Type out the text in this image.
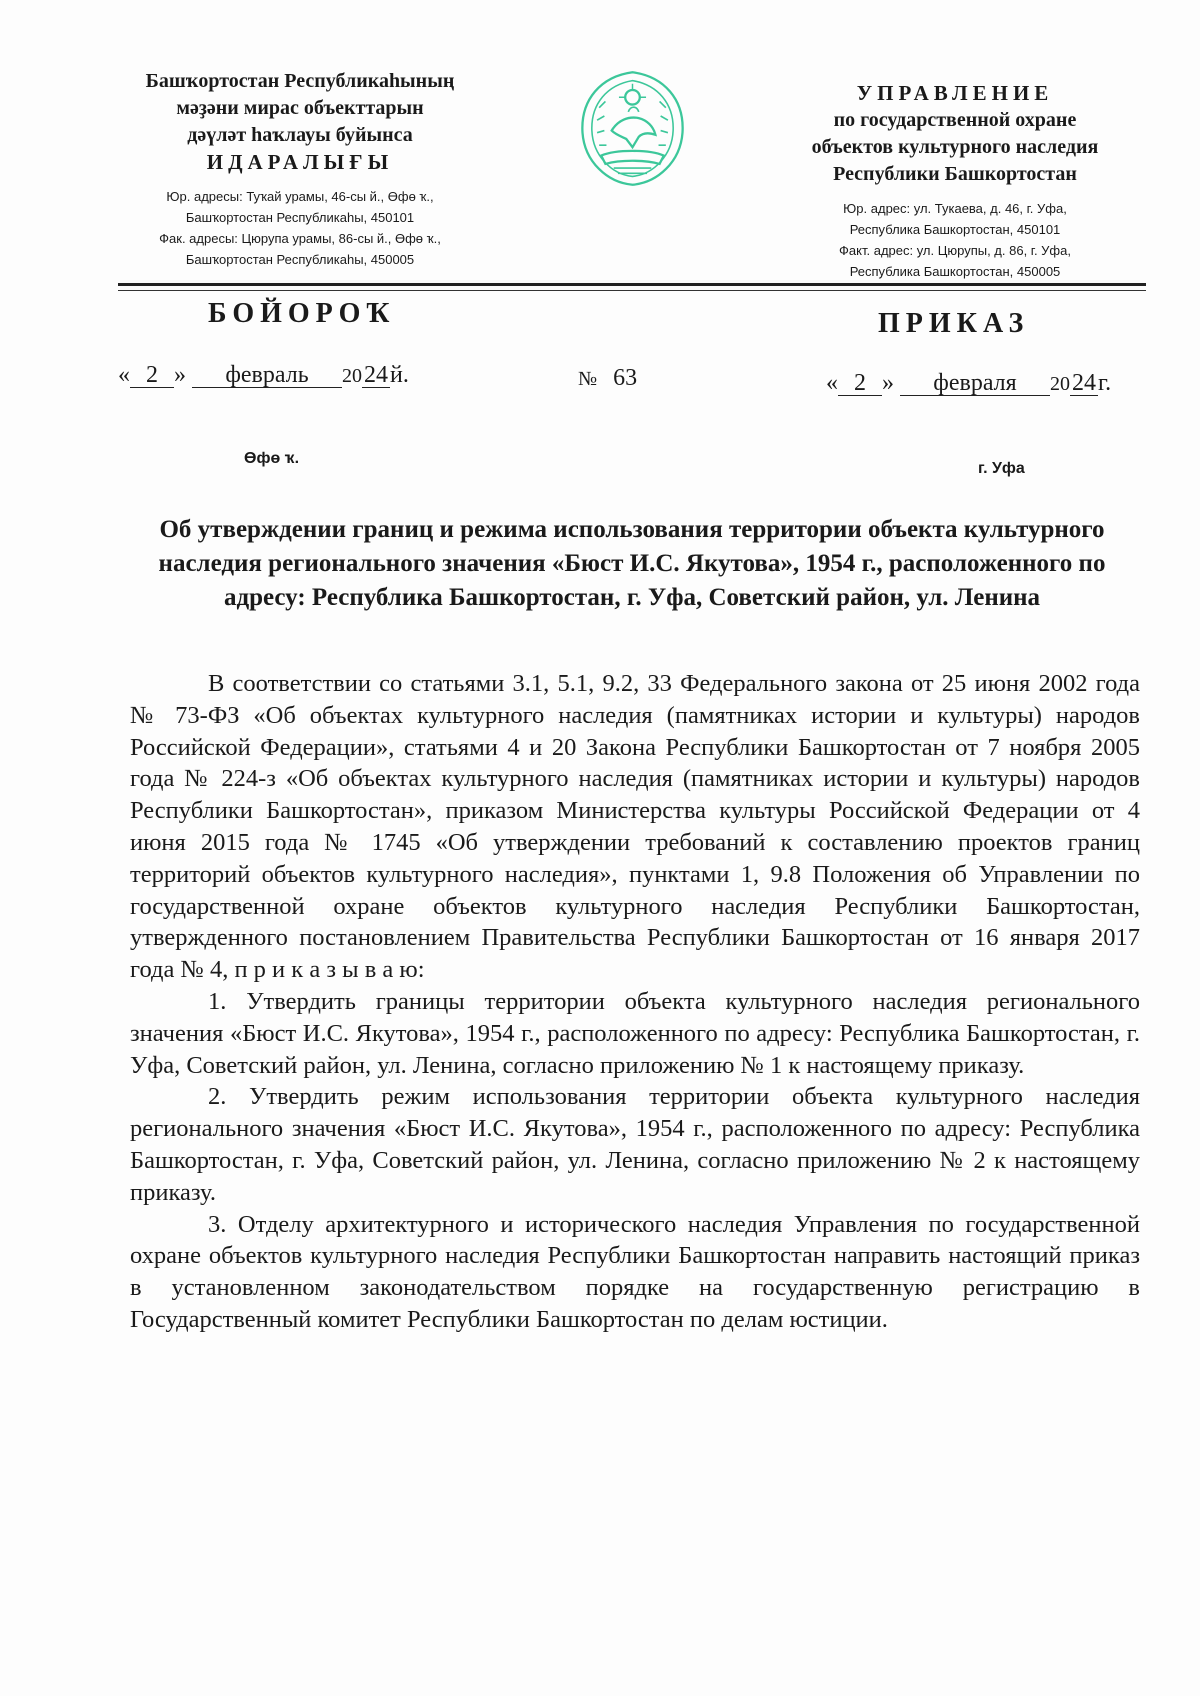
Башҡортостан Республикаһының
мәҙәни мирас объекттарын
дәүләт һаҡлауы буйынса
ИДАРАЛЫҒЫ
Юр. адресы: Туҡай урамы, 46-сы й., Өфө ҡ.,
Башҡортостан Республикаһы, 450101
Фак. адресы: Цюрупа урамы, 86-сы й., Өфө ҡ.,
Башҡортостан Республикаһы, 450005
УПРАВЛЕНИЕ
по государственной охране
объектов культурного наследия
Республики Башкортостан
Юр. адрес: ул. Тукаева, д. 46, г. Уфа,
Республика Башкортостан, 450101
Факт. адрес: ул. Цюрупы, д. 86, г. Уфа,
Республика Башкортостан, 450005
БОЙОРОҠ	ПРИКАЗ
« 2 » февраль 2024й.	№ 63	« 2 » февраля 2024г.
Өфө ҡ.
г. Уфа
Об утверждении границ и режима использования территории объекта культурного наследия регионального значения «Бюст И.С. Якутова», 1954 г., расположенного по адресу: Республика Башкортостан, г. Уфа, Советский район, ул. Ленина

В соответствии со статьями 3.1, 5.1, 9.2, 33 Федерального закона от 25 июня 2002 года № 73-ФЗ «Об объектах культурного наследия (памятниках истории и культуры) народов Российской Федерации», статьями 4 и 20 Закона Республики Башкортостан от 7 ноября 2005 года № 224-з «Об объектах культурного наследия (памятниках истории и культуры) народов Республики Башкортостан», приказом Министерства культуры Российской Федерации от 4 июня 2015 года № 1745 «Об утверждении требований к составлению проектов границ территорий объектов культурного наследия», пунктами 1, 9.8 Положения об Управлении по государственной охране объектов культурного наследия Республики Башкортостан, утвержденного постановлением Правительства Республики Башкортостан от 16 января 2017 года № 4, п р и к а з ы в а ю:

1. Утвердить границы территории объекта культурного наследия регионального значения «Бюст И.С. Якутова», 1954 г., расположенного по адресу: Республика Башкортостан, г. Уфа, Советский район, ул. Ленина, согласно приложению № 1 к настоящему приказу.

2. Утвердить режим использования территории объекта культурного наследия регионального значения «Бюст И.С. Якутова», 1954 г., расположенного по адресу: Республика Башкортостан, г. Уфа, Советский район, ул. Ленина, согласно приложению № 2 к настоящему приказу.

3. Отделу архитектурного и исторического наследия Управления по государственной охране объектов культурного наследия Республики Башкортостан направить настоящий приказ в установленном законодательством порядке на государственную регистрацию в Государственный комитет Республики Башкортостан по делам юстиции.
